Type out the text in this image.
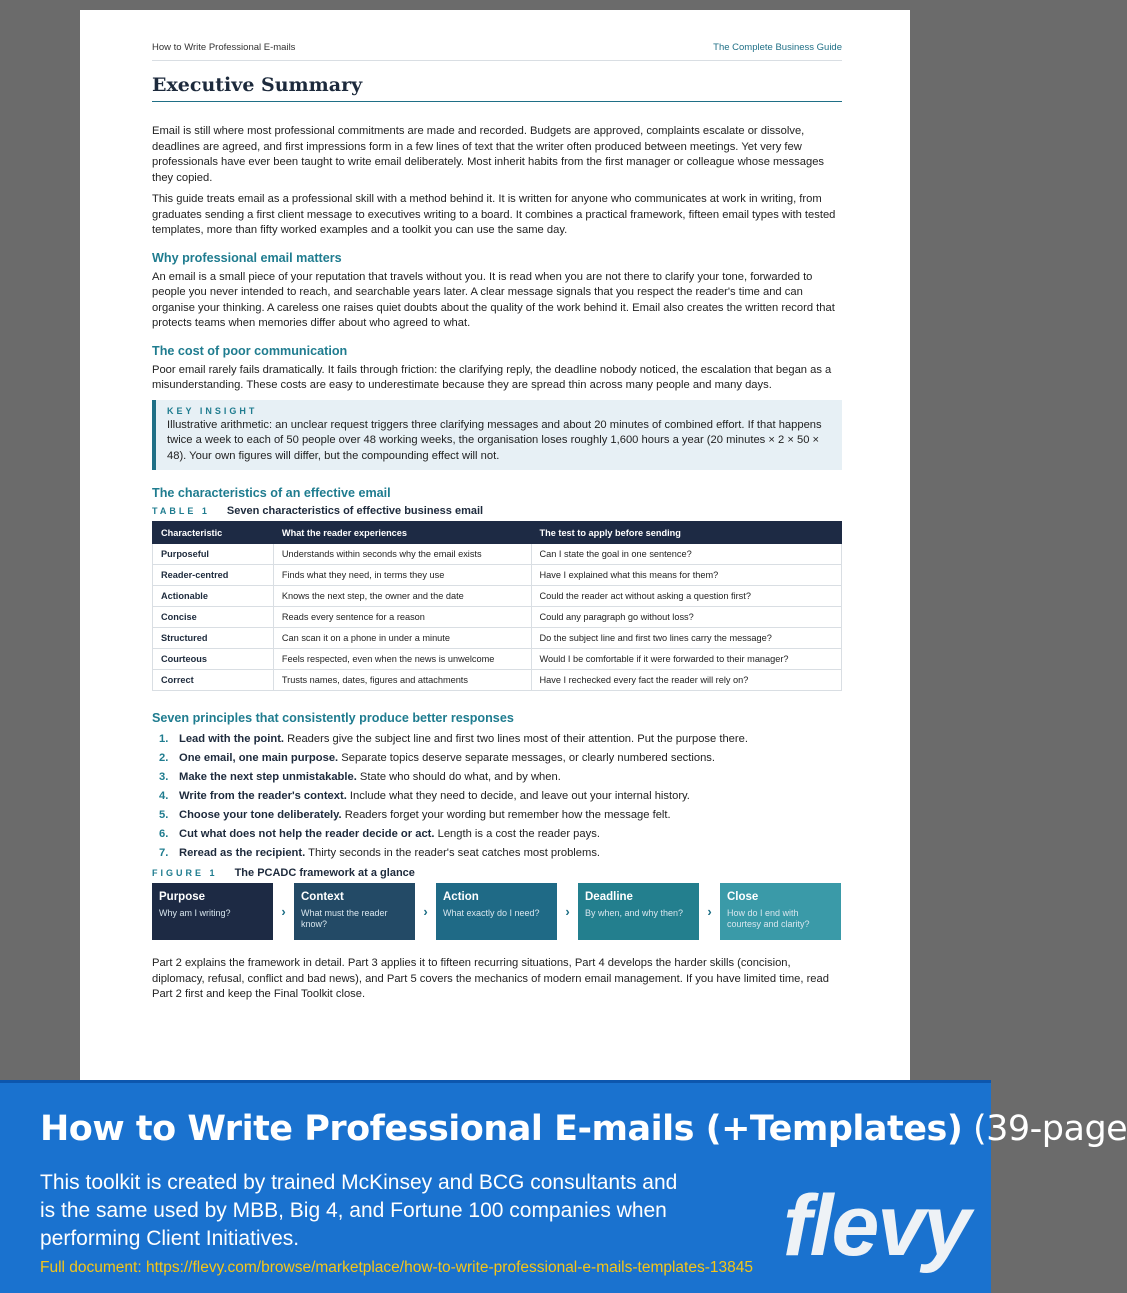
How to Write Professional E-mails	The Complete Business Guide
Executive Summary

Email is still where most professional commitments are made and recorded. Budgets are approved, complaints escalate or dissolve, deadlines are agreed, and first impressions form in a few lines of text that the writer often produced between meetings. Yet very few professionals have ever been taught to write email deliberately. Most inherit habits from the first manager or colleague whose messages they copied.

This guide treats email as a professional skill with a method behind it. It is written for anyone who communicates at work in writing, from graduates sending a first client message to executives writing to a board. It combines a practical framework, fifteen email types with tested templates, more than fifty worked examples and a toolkit you can use the same day.

Why professional email matters

An email is a small piece of your reputation that travels without you. It is read when you are not there to clarify your tone, forwarded to people you never intended to reach, and searchable years later. A clear message signals that you respect the reader's time and can organise your thinking. A careless one raises quiet doubts about the quality of the work behind it. Email also creates the written record that protects teams when memories differ about who agreed to what.

The cost of poor communication

Poor email rarely fails dramatically. It fails through friction: the clarifying reply, the deadline nobody noticed, the escalation that began as a misunderstanding. These costs are easy to underestimate because they are spread thin across many people and many days.

KEY INSIGHT

Illustrative arithmetic: an unclear request triggers three clarifying messages and about 20 minutes of combined effort. If that happens twice a week to each of 50 people over 48 working weeks, the organisation loses roughly 1,600 hours a year (20 minutes × 2 × 50 × 48). Your own figures will differ, but the compounding effect will not.

The characteristics of an effective email
TABLE 1 Seven characteristics of effective business email
Characteristic	What the reader experiences	The test to apply before sending
Purposeful	Understands within seconds why the email exists	Can I state the goal in one sentence?
Reader-centred	Finds what they need, in terms they use	Have I explained what this means for them?
Actionable	Knows the next step, the owner and the date	Could the reader act without asking a question first?
Concise	Reads every sentence for a reason	Could any paragraph go without loss?
Structured	Can scan it on a phone in under a minute	Do the subject line and first two lines carry the message?
Courteous	Feels respected, even when the news is unwelcome	Would I be comfortable if it were forwarded to their manager?
Correct	Trusts names, dates, figures and attachments	Have I rechecked every fact the reader will rely on?
Seven principles that consistently produce better responses
1. Lead with the point. Readers give the subject line and first two lines most of their attention. Put the purpose there.
2. One email, one main purpose. Separate topics deserve separate messages, or clearly numbered sections.
3. Make the next step unmistakable. State who should do what, and by when.
4. Write from the reader's context. Include what they need to decide, and leave out your internal history.
5. Choose your tone deliberately. Readers forget your wording but remember how the message felt.
6. Cut what does not help the reader decide or act. Length is a cost the reader pays.
7. Reread as the recipient. Thirty seconds in the reader's seat catches most problems.
FIGURE 1 The PCADC framework at a glance
Purpose
Why am I writing?	›
Context
What must the reader know?
›
Action
What exactly do I need?	›
Deadline
By when, and why then?	›
Close
How do I end with courtesy and clarity?

Part 2 explains the framework in detail. Part 3 applies it to fifteen recurring situations, Part 4 develops the harder skills (concision, diplomacy, refusal, conflict and bad news), and Part 5 covers the mechanics of modern email management. If you have limited time, read Part 2 first and keep the Final Toolkit close.

How to Write Professional E-mails (+Templates) (39-page
This toolkit is created by trained McKinsey and BCG consultants and is the same used by MBB, Big 4, and Fortune 100 companies when performing Client Initiatives.
Full document: https://flevy.com/browse/marketplace/how-to-write-professional-e-mails-templates-13845 flevy
